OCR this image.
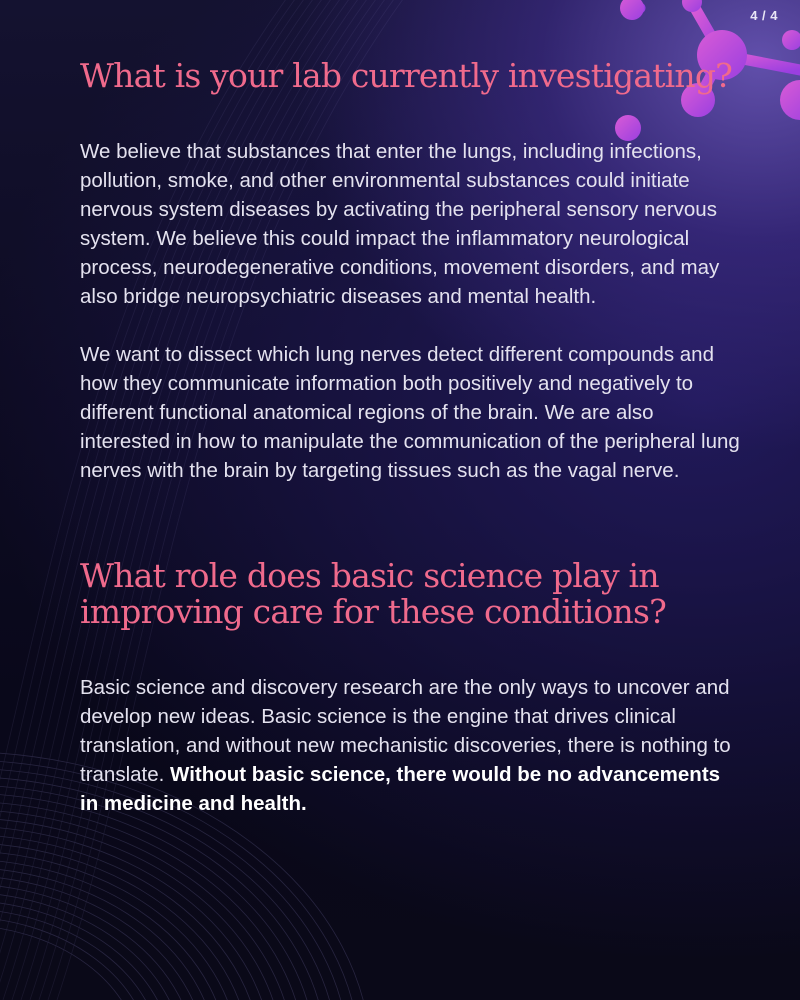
4 / 4
What is your lab currently investigating?

We believe that substances that enter the lungs, including infections, pollution, smoke, and other environmental substances could initiate nervous system diseases by activating the peripheral sensory nervous system. We believe this could impact the inflammatory neurological process, neurodegenerative conditions, movement disorders, and may also bridge neuropsychiatric diseases and mental health.

We want to dissect which lung nerves detect different compounds and how they communicate information both positively and negatively to different functional anatomical regions of the brain. We are also interested in how to manipulate the communication of the peripheral lung nerves with the brain by targeting tissues such as the vagal nerve.

What role does basic science play in improving care for these conditions?

Basic science and discovery research are the only ways to uncover and develop new ideas. Basic science is the engine that drives clinical translation, and without new mechanistic discoveries, there is nothing to translate. Without basic science, there would be no advancements in medicine and health.
